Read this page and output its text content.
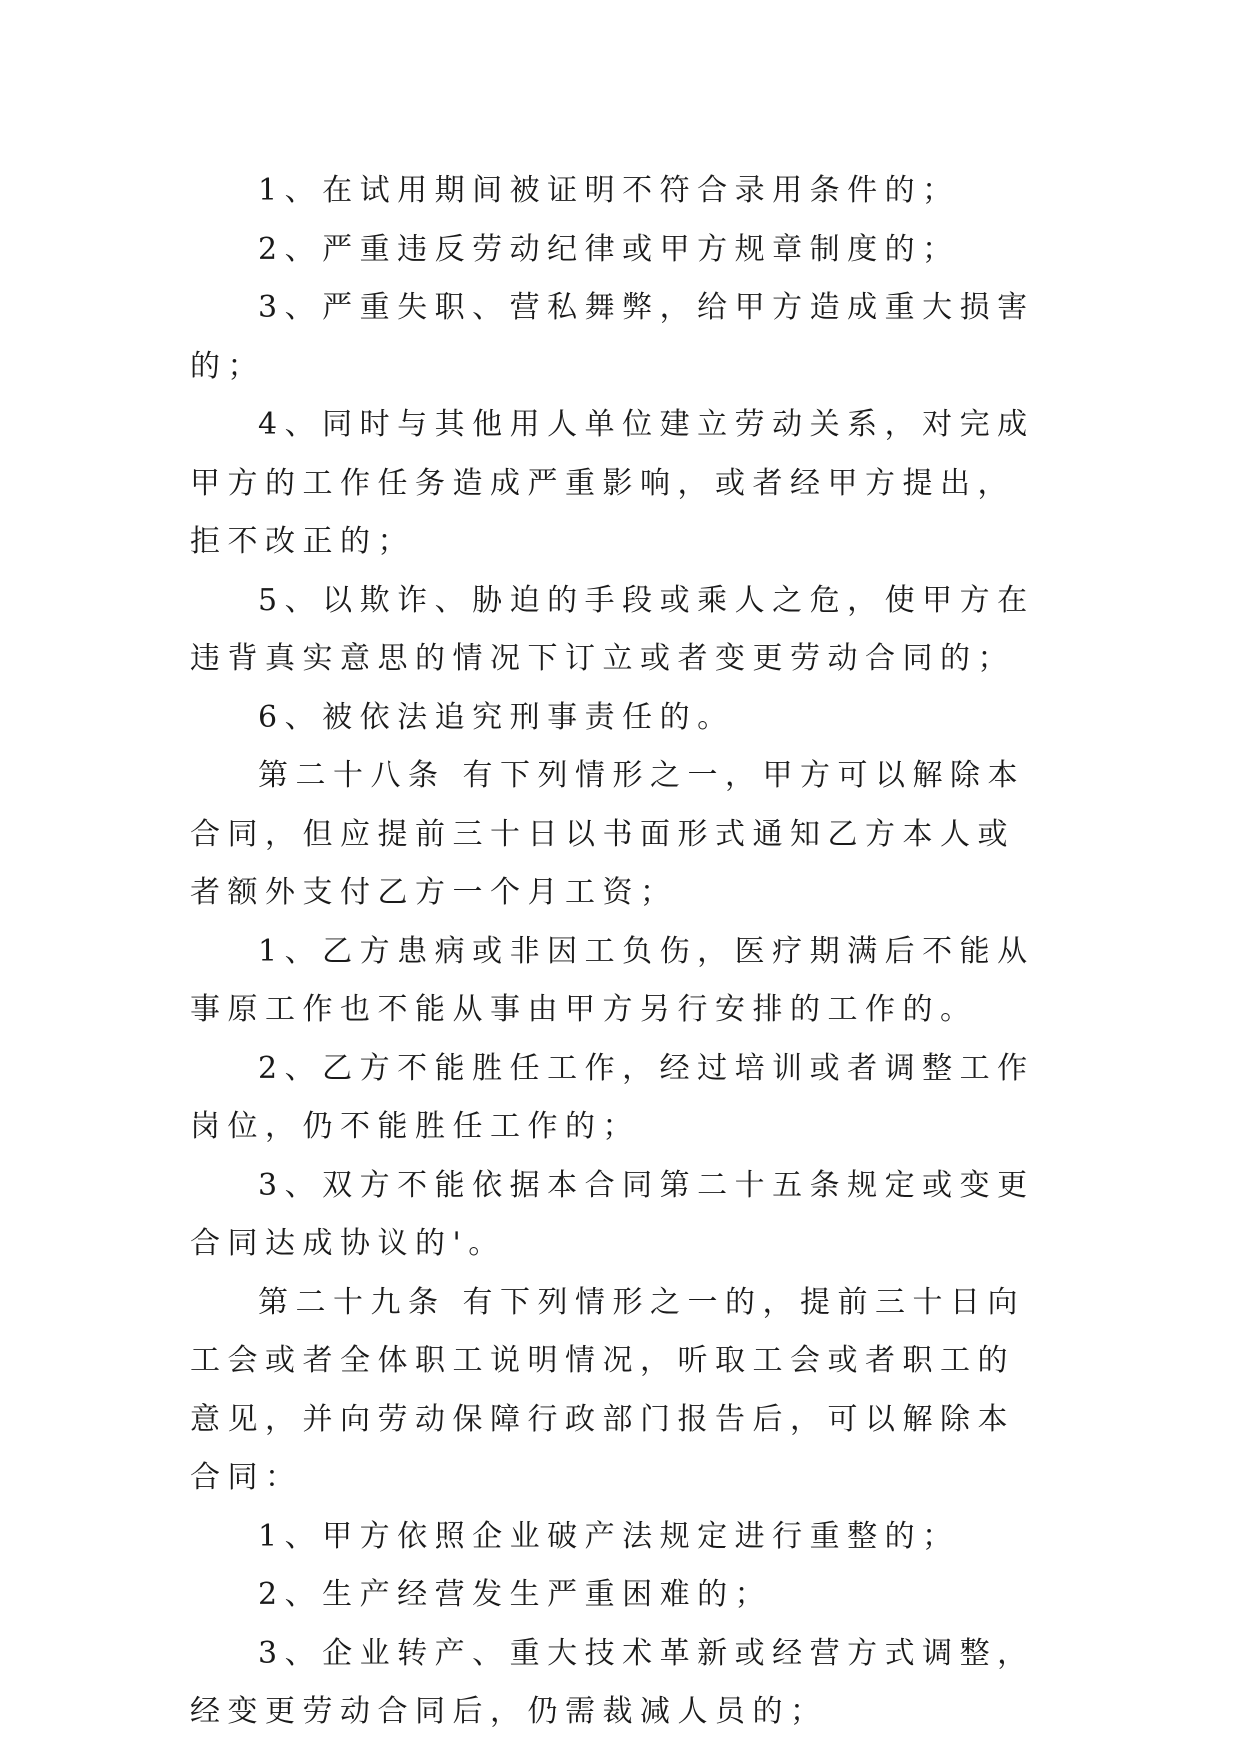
1、在试用期间被证明不符合录用条件的；

2、严重违反劳动纪律或甲方规章制度的；

3、严重失职、营私舞弊，给甲方造成重大损害的；

4、同时与其他用人单位建立劳动关系，对完成甲方的工作任务造成严重影响，或者经甲方提出，拒不改正的；

5、以欺诈、胁迫的手段或乘人之危，使甲方在违背真实意思的情况下订立或者变更劳动合同的；

6、被依法追究刑事责任的。

第二十八条 有下列情形之一，甲方可以解除本合同，但应提前三十日以书面形式通知乙方本人或者额外支付乙方一个月工资；

1、乙方患病或非因工负伤，医疗期满后不能从事原工作也不能从事由甲方另行安排的工作的。

2、乙方不能胜任工作，经过培训或者调整工作岗位，仍不能胜任工作的；

3、双方不能依据本合同第二十五条规定或变更合同达成协议的'。

第二十九条 有下列情形之一的，提前三十日向工会或者全体职工说明情况，听取工会或者职工的意见，并向劳动保障行政部门报告后，可以解除本合同：

1、甲方依照企业破产法规定进行重整的；

2、生产经营发生严重困难的；

3、企业转产、重大技术革新或经营方式调整，经变更劳动合同后，仍需裁减人员的；
